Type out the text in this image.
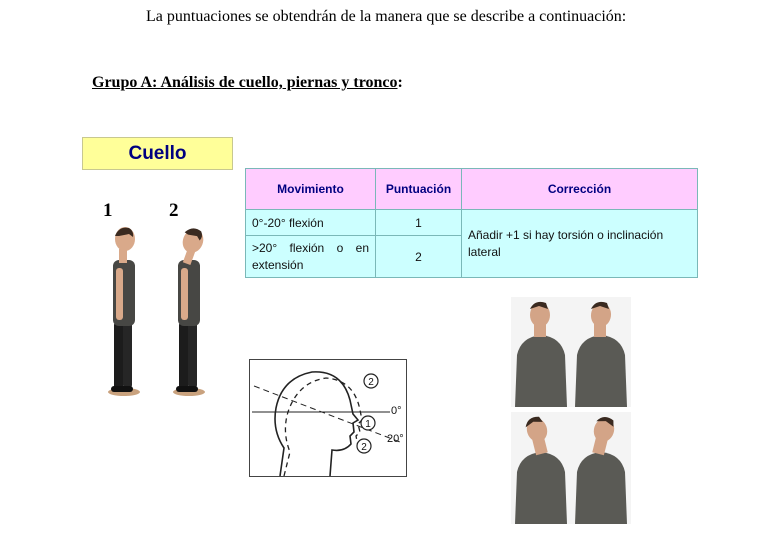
La puntuaciones se obtendrán de la manera que se describe a continuación:
Grupo A: Análisis de cuello, piernas y tronco:
Cuello
1	2
Movimiento	Puntuación	Corrección
0°-20° flexión	1	Añadir +1 si hay torsión o inclinación lateral
>20° flexión o en extensión	2	
2
1
2
0°
20°
